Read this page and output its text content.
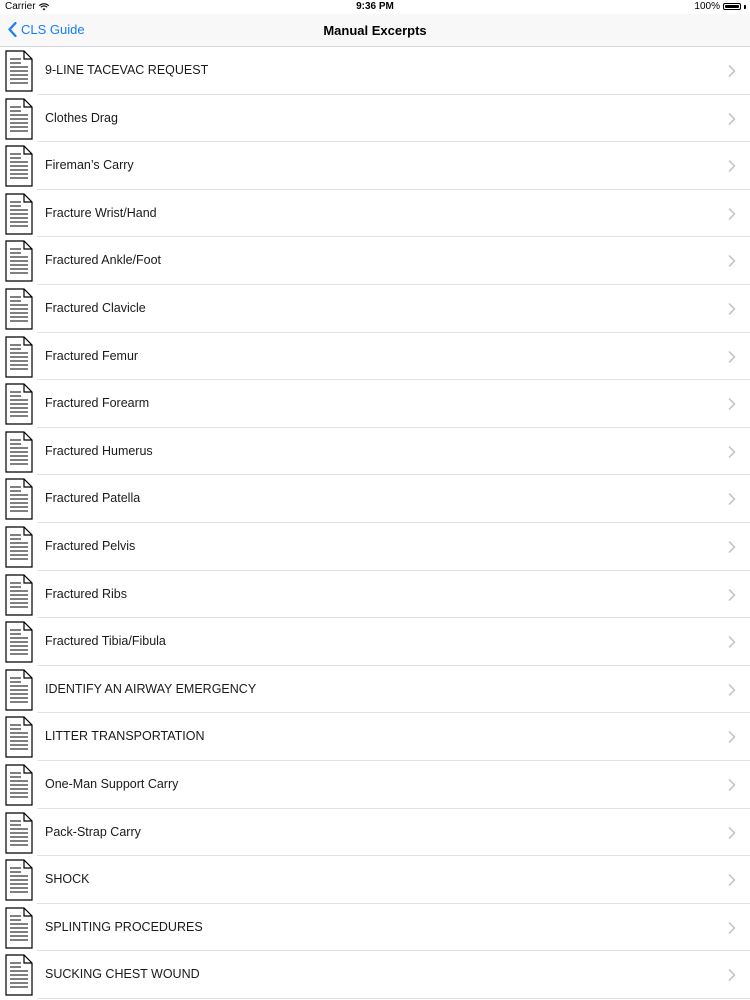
Carrier	9:36 PM	100%
CLS Guide	Manual Excerpts
9-LINE TACEVAC REQUEST
Clothes Drag
Fireman’s Carry
Fracture Wrist/Hand
Fractured Ankle/Foot
Fractured Clavicle
Fractured Femur
Fractured Forearm
Fractured Humerus
Fractured Patella
Fractured Pelvis
Fractured Ribs
Fractured Tibia/Fibula
IDENTIFY AN AIRWAY EMERGENCY
LITTER TRANSPORTATION
One-Man Support Carry
Pack-Strap Carry
SHOCK
SPLINTING PROCEDURES
SUCKING CHEST WOUND
